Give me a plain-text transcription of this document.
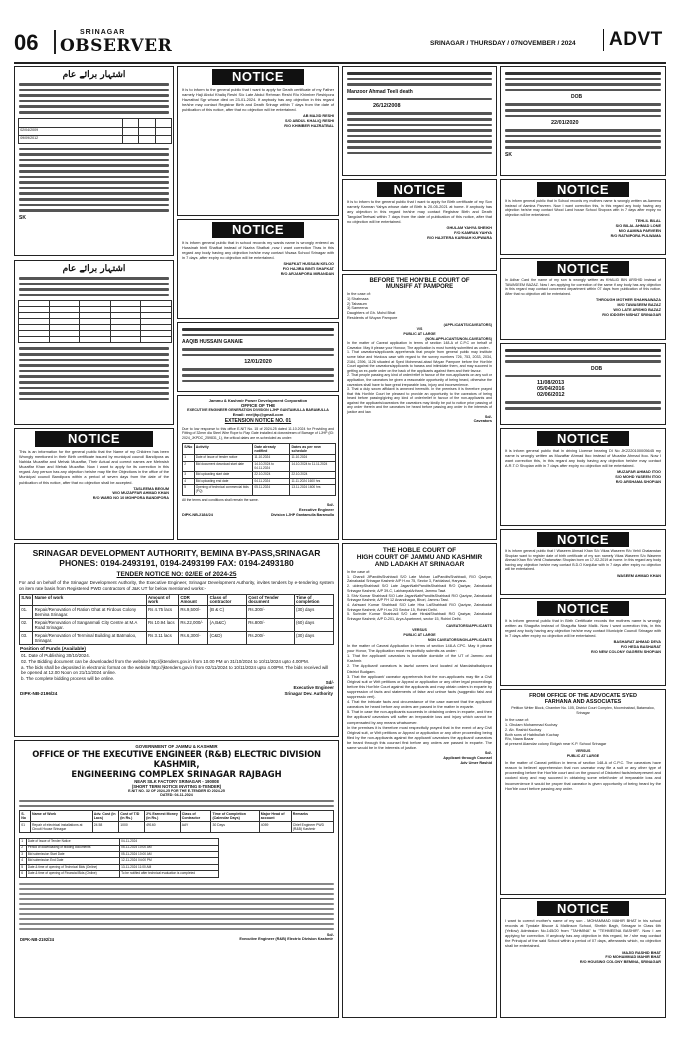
06	SRINAGAR
OBSERVER	SRINAGAR / THURSDAY / 07NOVEMBER / 2024	ADVT
اشتہار برائے عام

02/04/2009			
09/09/2012			
SK
اشتہار برائے عام

NOTICE
This is an information for the general public that the Name of my Children has been Wrongly mentioned in their Birth certificate issued by municipal council Bandipora as Nahida Muzaffar and Mehak Muzaffar, Their Actual and correct names are Mehwish Muzaffar Khan and Mehak Muzaffar. Now I want to apply for its correction in this regard. Any person has any objection he/she may file the Objections in the office of the Municipal council Bandipora within a period of seven days from the date of the publication of this notice, after that no objection shall be accepted.
TASLEEMA BEGUM
W/O MUZAFFAR AHMAD KHAN
R/O WARD NO 10 MOHPORA BANDIPORA
NOTICE
It is to inform to the general public that I want to apply for Death certificate of my Father namely Haji Abdul Khaliq Reshi S/o Late Abdul Rehman Reshi R/o Khimber Reshipora Hazratbal Sgr whose died on 23-01-2024. If anybody has any objection in this regard he/she may contact Registrar Birth and Death Srinagr within 7 days from the date of publication of this notice, after that no objection will be entertained.
AB MAJID RESHI
S/O ABDUL KHALIQ RESHI
R/O KHIMBER HAZRATBAL
NOTICE
It is inform general public that in school records my wards name is wrongly entered as Hussinah binti Shafkat instead of Nazira Shafkat ,now i want correction Thas in this regard any body having any objection he/she may contact Visasa School Srinagar with in 7 days ,after expiry no objection will be entertained.
SHAFKAT HUSSAIN KELOO
F/O HAJIRA BINTI SHAFKAT
R/O ARJANPORA MIRANDAN
AAQIB HUSSAIN GANAIE
12/01/2020
Jammu & Kashmir Power Development Corporation
OFFICE OF THE
EXECUTIVE ENGINEER GENERATION DIVISION LJHP GANTAMULLA BARAMULLA
Email: eeeljhp@gmail.com
EXTENSION NOTICE NO. 01
Due to low response to this office E-NIT No. 15 of 2024-25 dated 11.10.2024 for Providing and Fitting of 32mm dia Steel Wire Rope to Flap Gate installed at downstream of Barrage of LJHP (ID: 2024_JKPDC_259831_1), the critical dates are re-scheduled as under:
S/No	Activity	Date already notified	Dates as per new schedule
1	Date of Issue of tender notice	11.10.2024	11.10.2024
2	Bid document download start date	14.10.2024 to 04.11.2024	14.10.2024 to 11.11.2024
3	Bid uploading start date	22.10.2024	22.10.2024
4	Bid uploading end date	04.11.2024	11.11.2024 1600 hrs
5	Opening of technical commercial bids (PQ)	05.11.2024	13.11.2024 1600 hrs
All the terms and conditions shall remain the same.
Sd/-
Executive Engineer
DIPK-NB-2184/24	Division LJHP Gantamulla Baramulla
Manzoor Ahmad Teeli death
26/12/2008
NOTICE
It is to inform to the general public that I want to apply for Birth certificate of my Son namely Kamran Yahya whose date of Birth is 20-05-2021 at home. If anybody has any objection in this regard he/she may contact Registrar Birth and Death Tangdar/Teetwal within 7 days from the date of publication of this notice, after that no objection will be entertained.
GHULAM YAHYA SHEIKH
F/O KAMRAN YAHYA
R/O HAJITERA KARNAH KUPWARA
BEFORE THE HON'BLE COURT OF
MUNSIFF AT PAMPORE
In the case of:
1) Shahnaza
2) Tabasum
3) Sameena
Daughters of Gh. Mohd Bhat
Residents of Wuyan Pampore
(APPLICANTS/CAVEATORS)
V/S
PUBLIC AT LARGE
(NON-APPLICANTS/NON-CAVEATORS)
In the matter of Caveat application in terms of section 148-A of C.P.C on behalf of Caveator. May it please your Honour, The application is most humbly submitted as under:-
1. That caveators/applicants apprehends that people from general public may institute some false and frivolous case with regard to the survey numbers 726, 753, 2033, 2034, 2184, 2396, 1126 situated at Syed Mohmmad-abad Wuyan Pampore before the Hon'ble Court against the caveators/applicants to harass and intimidate them, and may succeed in getting an ex-parte order on the back of the applicants against them and their favour.
2. That people passing any kind of order/relief in favour of the non-applicants on any suit or application, the caveators be given a reasonable opportunity of being heard, otherwise the caveators shall have to face great irreparable loss, injury and inconvenience.
3. That a duly sworn affidavit is annexed herewith. In the premises it is therefore prayed that this Hon'ble Court be pleased to provide an opportunity to the caveators of being heard before passing/giving any kind of order/relief in favour of the non-applicants and against the applicants/caveators the caveators may kindly be put to notice prior passing of any order therein and the caveators be heard before passing any order in the interests of justice and law.
Sd/-
Caveators
DOB
22/01/2020
SK
NOTICE
It is inform general public that in School records my mothers name is wrongly written as Aamena instead of Aamina Parveen. Now I want correction this, in this regard any body having any objection he/she may contact Wood Land house School Shopora with in 7 days after expiry no objection will be entertained.
TEHLIL BILAL
S/O BILAL AHMAD LONE
M/O AAMINA PARVEEN
R/O RATNIPORA PULWAMA
NOTICE
In Adhar Card the name of my son is wrongly written as KHALID BIN ARSHID instead of TAWASEEM BAZAZ. Now I am applying for correction of the same if any body has any objection in this regard may contact concerned department within 07 days from publication of this notice. After that no objection will be entertained.
THROUGH MOTHER SHAHNAWAZA
M/O TAWASEEM BAZAZ
W/O LATE ARSHID BAZAZ
R/O IDDGEH NISHAT SRINAGAR
DOB
11/08/2013
05/04/2016
02/06/2012
NOTICE
It is inform general public that in driving License bearing DI No JK2220100005645 my name is wrongly written as Muzaffar Ahmad Itoo instead of Muzafar Ahmad Itoo. Now I want correction this, in this regard any body having any objection he/she may contact A.R.T.O Shopian with in 7 days after expiry no objection will be entertained.
MUZAFAR AHMAD ITOO
S/O MOHD YASEEN ITOO
R/O ARSHAMA SHOPIAN
NOTICE
It is inform general public that I Waseem Ahmad Khan S/o Vikas Waseem R/o Vehil Chatanwtan Shopian want to register date of birth certificate of my son namely Vikas Waseem S/o Waseem Ahmad Khan R/o Vehil Chatanwtan Shopian born on 17-02-2019 at home. In this regard any body having any objection he/she may contact B.D.O Kanjullar with in 7 days after expiry no objection will be entertained.
WASEEM AHMAD KHAN
NOTICE
It is inform general public that in Birth Certificate records the mothers name is wrongly written as Shagufta instead of Shagufta Nasir Malik. Now I want correction this, in this regard any body having any objection he/she may contact Municiple Council Srinagar with in 7 days after expiry no objection will be entertained.
BASHARAT AHMAD DEVA
F/O HEDA BASHARAT
R/O NEW COLONY GAGREN SHOPIAN
FROM OFFICE OF THE ADVOCATE SYED
FARHANA AND ASSOCIATES
Petition Writer Block, Chamber No. 105, District Court Complex, Moominabad, Batamaloo, Srinagar
In the case of:
1. Ghulam Mohammad Kuchay
2. Ab. Rashid Kuchay
Both sons of Habibullah Kuchay
R/o, Nawa Bazar
at present Alamdar colony Eidgah near K.P. School Srinagar
VERSUS
PUBLIC AT LARGE
In the matter of Caveat petition in terms of section 148-A of C.P.C. The caveators have reason to believe/ apprehension that non caveator may file a suit or any other type of proceeding before the Hon'ble court and on the ground of Distorted facts/misrepresent and cooked story and may succeed in obtaining some relief/order of irreparable loss and inconvenience it would be proper that caveator is given opportunity of being heard by the Hon'ble court before passing any order.
NOTICE
I want to correct mother's name of my son - MOHAMMAD MAHIR BHAT in his school records at Tyndale Biscoe & Mallinson School, Sheikh Bagh, Srinagar in Class 6th (Yellow) Admission No.145/20 from "TAHMINA" to "TEHMEENA BASHIR". Now I am applying for correction. If anybody has any objection in this regard, he / she may contact the Principal of the said School within a period of 07 days, afterwards which, no objection shall be entertained.
MAJID RASHID BHAT
F/O MOHAMMAD MAHIR BHAT
R/O HOUSING COLONY BEMINA, SRINAGAR
THE HOBLE COURT OF
HIGH COURT OF JAMMU AND KASHMIR
AND LADAKH AT SRINAGAR
In the case of:
1. Chandi JiPanditsShahbadi S/O Late Mohan LalPanditsShahbadi, R/O Qaziyar, Zainakadal Srinagar Kashmir A/P H.no 75, Sector 3, Faridabad, Haryana.
2. uldeepShahbadi S/O Late JaganNathPanditsShahbadi R/O Qaziyar, Zainakadal Srinagar Kashmir, A/P 39-C, LakhanpalArihant, Jammu Tawi.
3. Shiv Kumar Shahbadi S/O Late JaganNathPanditsShahbadi R/O Qaziyar, Zainakadal Srinagar Kashmir, A/P FH 12 Anandnagar, Bhori, Jammu Tawi.
4. Ashwani Kumar Shahbadi S/O Late Hira LalShahbadi R/O Qaziyar, Zainakadal Srinagar Kashmir, A/P H.no 2/3 Sector 15, Rohini Delhi.
5. Surinder Kumar Shahbadi S/O Late HiralalShahbadi R/O Qaziyar, Zainakadal Srinagar Kashmir, A/P D-201, Arya Apartment, sector 15, Rohini Delhi.
CAVEATORS/APPLICANTS
VERSUS
PUBLIC AT LARGE
NON CAVEATORS/NON-APPLICANTS
In the matter of Caveat Application in terms of section 148-A CPC. May it please your Honor, The Application most respectfully submits as under:
1. That the applicant/ caveators is bonafide domicile of the UT of Jammu and Kashmir.
2. The Applicant/ caveators is lawful owners land located at Mandabalbaldpora District Budgam.
3. That the applicant/ caveator apprehends that the non-applicants may file a Civil Original suit or Writ petitions or Appeal or application or any other legal proceedings before this Hon'ble Court against the applicants and may obtain orders in exparte by suppression of facts and statements of false and untrue facts (suggestio falsi and suppressio veri).
4. That the intricate facts and circumstance of the case warrant that the applicant/ caveators be heard before any orders are passed in the matter in exparte.
5. That in case the non-applicants succeeds in obtaining orders in exparte, and then the applicant/ caveators will suffer an irreparable loss and injury which cannot be compensated by any means whatsoever.
In the premises it is therefore most respectfully prayed that in the event of any Civil Original suit, or Writ petitions or Appeal or application or any other proceeding being filed by the non-applicants against the applicant/ caveators the applicant/ caveators be heard through this counsel first before any orders are passed in exparte. The same would be in the interests of justice.
Sd/-
Applicant through Counsel
Adv Umer Rashid
SRINAGAR DEVELOPMENT AUTHORITY, BEMINA BY-PASS,SRINAGAR
PHONES: 0194-2493191, 0194-2493199 FAX: 0194-2493180
TENDER NOTICE NO: 02/EE of 2024-25
For and on behalf of the Srinagar Development Authority, the Executive Engineer, Srinagar Development Authority, invites tenders by e-tendering system on item rate basis from Registered PWD contractors of J&K UT for below mentioned works:-
S.No	Name of work	Amount of work	CDR Amount	Class of contractor	Cost of Tender document	Time of completion
01.	Repair/Renovation of Ration Ghat at Firdous Colony Bemina Srinagar.	Rs 4.75 lacs	Rs.9,500/-	(B & C)	Rs.300/-	(30) days
02.	Repair/Renovation of Sanganmali City Centre at M.A Road Srinagar.	Rs 10.94 lacs	Rs.22,000/-	(A,B&C)	Rs.800/-	(60) days
03.	Repair/Renovation of Terminal Building at Batmaloo, Srinagar.	Rs 3.11 lacs	Rs.6,300/-	(C&D)	Rs.200/-	(30) days
Position of Funds (Available)
01. Date of Publishing 30/10/2024.
02. The Bidding document can be downloaded from the website http://jktenders.gov.in from 10.00 PM on 31/10/2024 to 10/11/2024 upto 4.00PM.
a. The bids shall be deposited in electronic format on the website http://jktenders.gov.in from 02/11/2024 to 10/11/2024 upto 4.00PM. The bids received will be opened at 12.00 Noon on 21/11/2024 online.
b. The complete bidding process will be online.
Sd/-
Executive Engineer
DIPK-NB-2196/24	Srinagar Dev. Authority
GOVERNMENT OF JAMMU & KASHMIR
OFFICE OF THE EXECUTIVE ENGINEER (R&B) ELECTRIC DIVISION KASHMIR,
ENGINEERING COMPLEX SRINAGAR RAJBAGH
NEAR SILK FACTORY SRINAGAR - 190008
(SHORT TERM NOTICE INVITING E-TENDER)
E-NIT NO. 32 OF 2024-25 FOR THE E-TENDER ID 2024-25
DATED: 04-11-2024
S. No	Name of Work	Adv. Cost (in Lacs)	Cost of T/D (in Rs.)	2% Earnest Money (in Rs.)	Class of Contractor	Time of Completion (Calendar Days)	Major Head of account	Remarks
01	Repair of electrical installations at Circuit House Srinagar	24.58	1000	49160	AAY	30 Days	4059	Chief Engineer PWD (R&B) Kashmir
1	Date of Issue of Tender Notice	04-11-2024
2	Period of downloading of bidding documents	05-11-2024 10:00 AM
3	Bid submission Start Date	05-11-2024 10:00 AM
4	Bid submission End Date	12-11-2024 04:00 PM
5	Date & time of opening of Technical Bids (Online)	13-11-2024 11:00 AM
6	Date & time of opening of Financial Bids (Online)	To be notified after technical evaluation is completed
Sd/-
DIPK-NB-2192/24	Executive Engineer (R&B) Electric Division Kashmir
